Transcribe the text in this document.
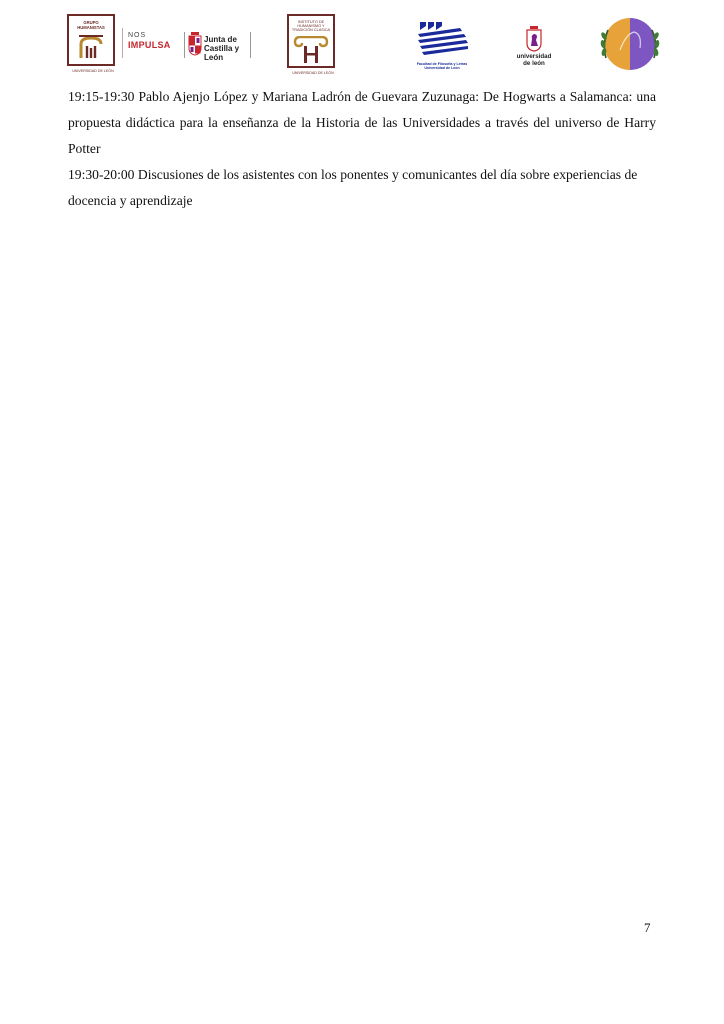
GRUPO
HUMANISTAS
UNIVERSIDAD DE LEÓN
NOS
IMPULSA
Junta de
Castilla y León
INSTITUTO DE
HUMANISMO Y
TRADICIÓN CLÁSICA
UNIVERSIDAD DE LEÓN
Facultad de Filosofía y Letras
Universidad de León
universidad
de león

19:15-19:30 Pablo Ajenjo López y Mariana Ladrón de Guevara Zuzunaga: De Hogwarts a Salamanca: una propuesta didáctica para la enseñanza de la Historia de las Universidades a través del universo de Harry Potter

19:30-20:00 Discusiones de los asistentes con los ponentes y comunicantes del día sobre experiencias de docencia y aprendizaje

7
